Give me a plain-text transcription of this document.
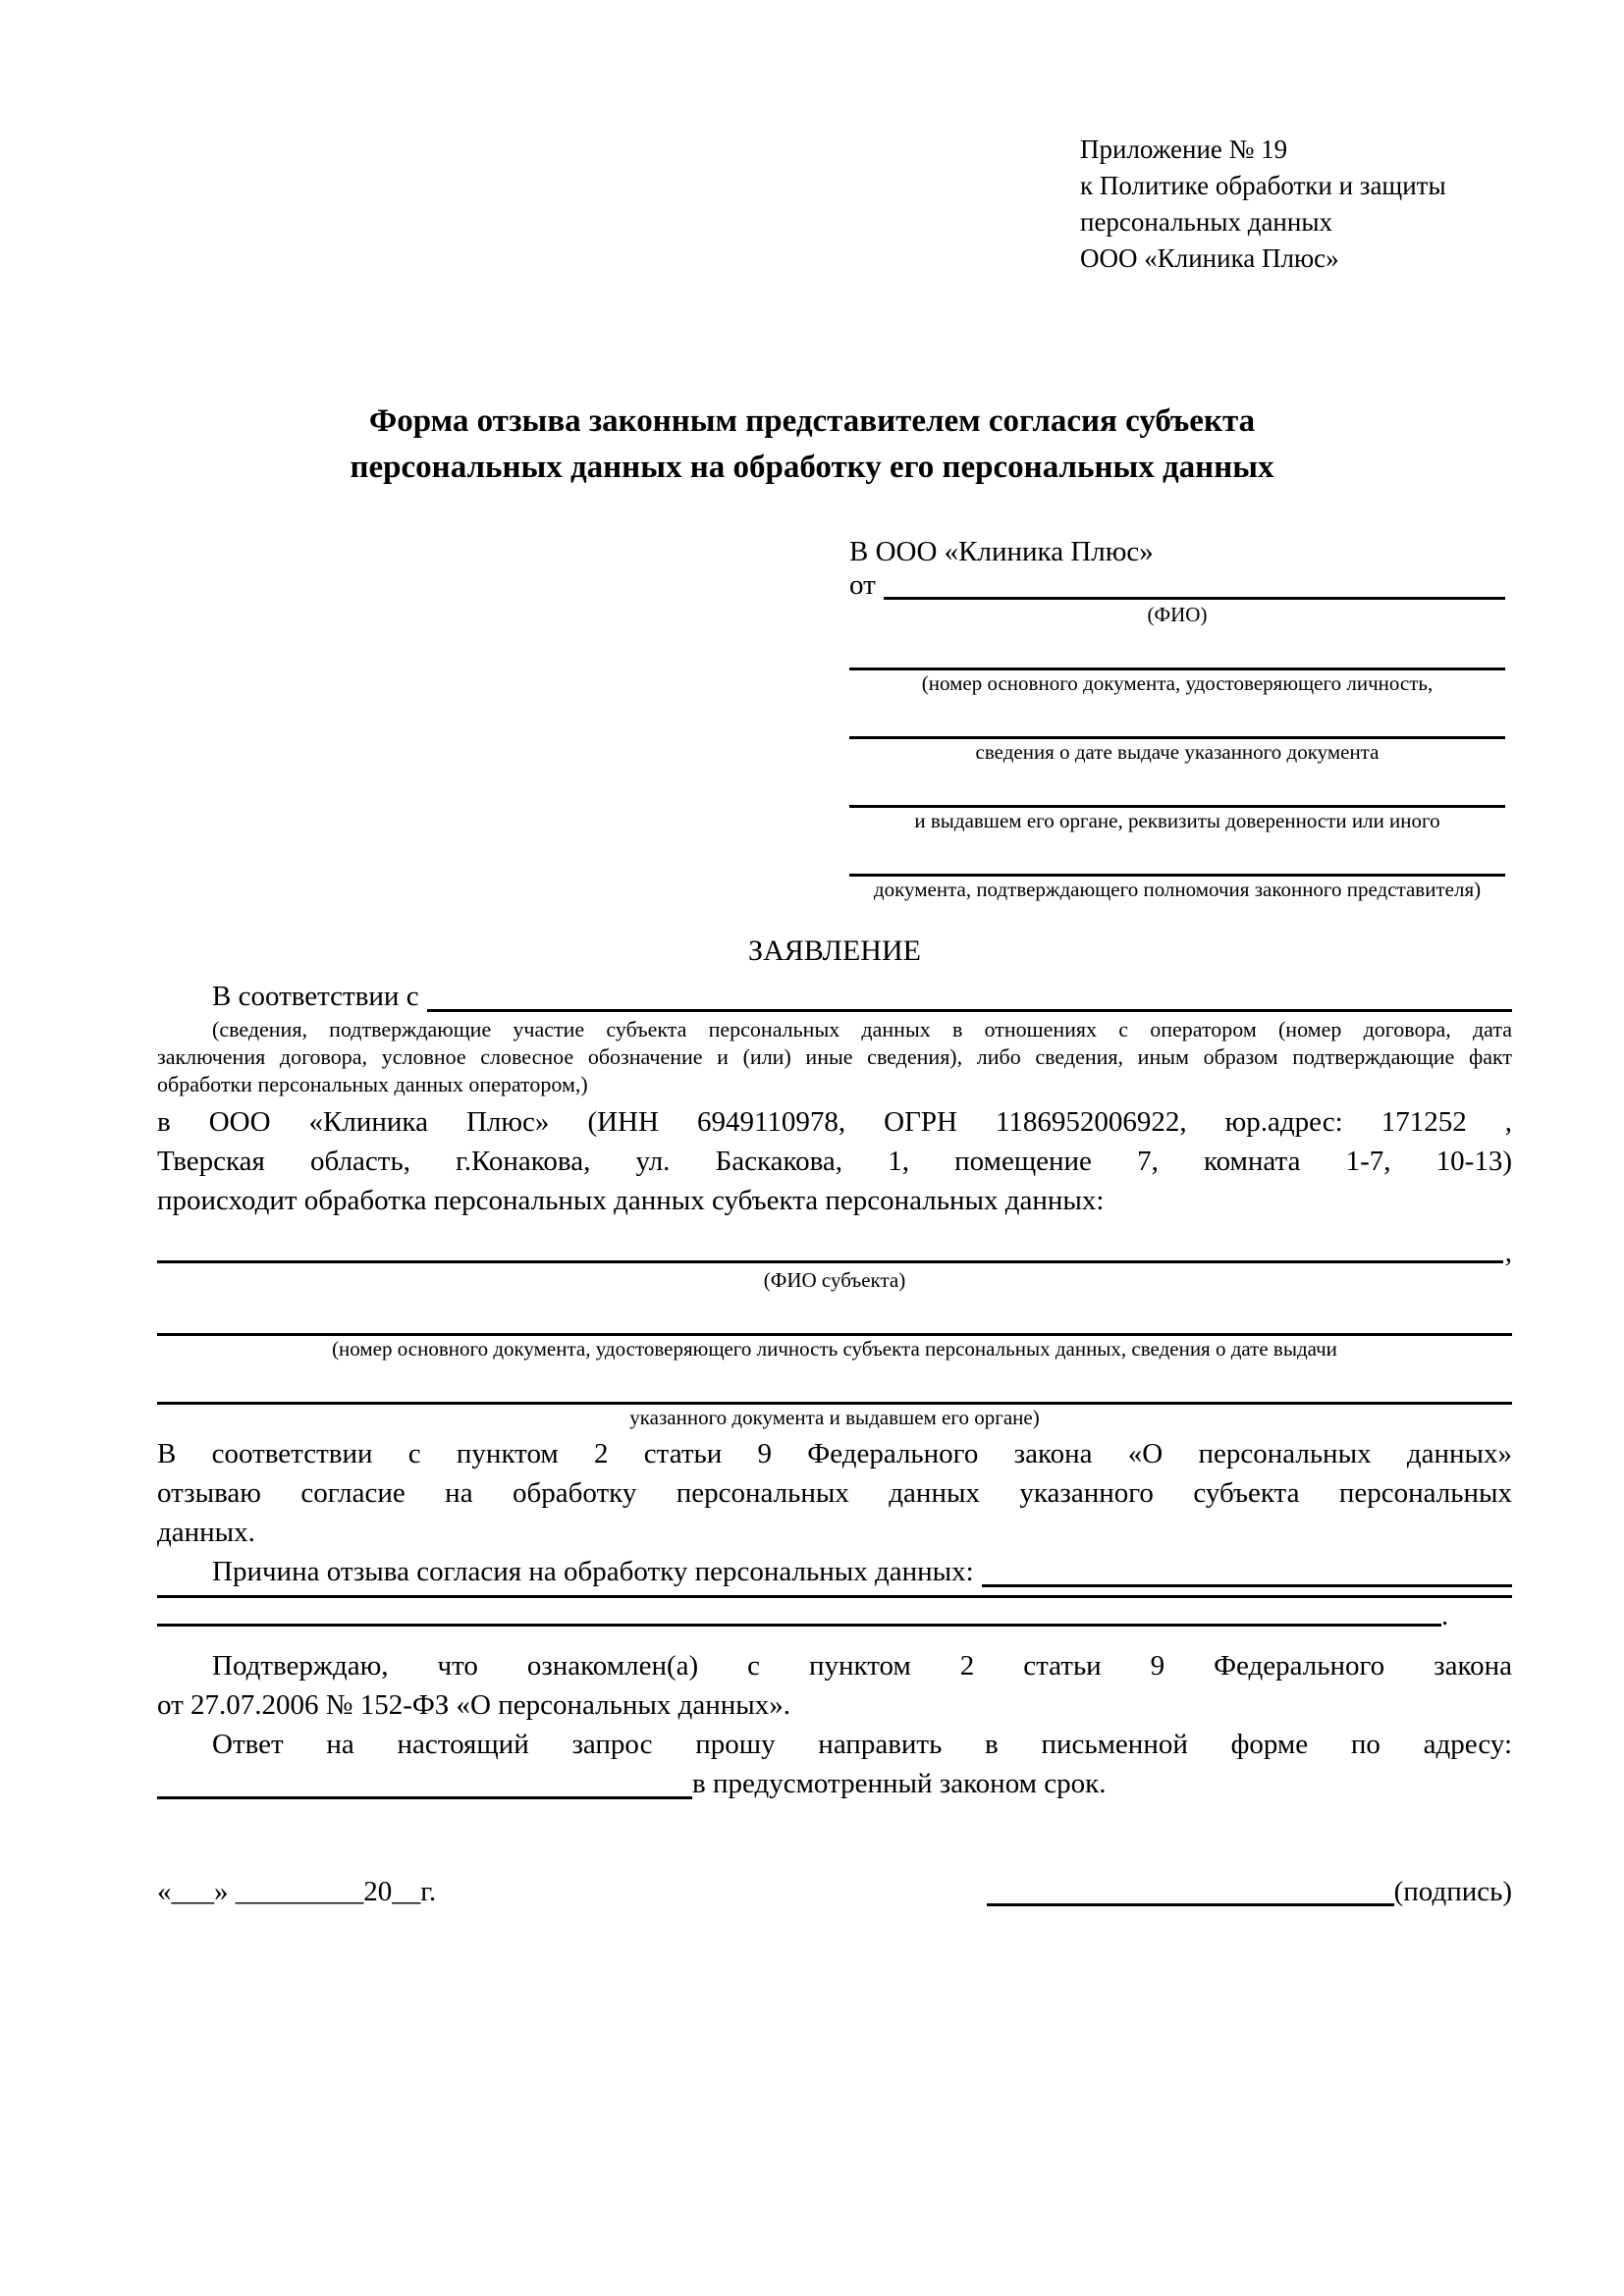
Приложение № 19
к Политике обработки и защиты
персональных данных
ООО «Клиника Плюс»
Форма отзыва законным представителем согласия субъекта
персональных данных на обработку его персональных данных
В ООО «Клиника Плюс»
от
(ФИО)
(номер основного документа, удостоверяющего личность,
сведения о дате выдаче указанного документа
и выдавшем его органе, реквизиты доверенности или иного
документа, подтверждающего полномочия законного представителя)
ЗАЯВЛЕНИЕ
В соответствии с
(сведения, подтверждающие участие субъекта персональных данных в отношениях с оператором (номер договора, дата
заключения договора, условное словесное обозначение и (или) иные сведения), либо сведения, иным образом подтверждающие факт
обработки персональных данных оператором,)
в ООО «Клиника Плюс» (ИНН 6949110978, ОГРН 1186952006922, юр.адрес: 171252 ,
Тверская область, г.Конакова, ул. Баскакова, 1, помещение 7, комната 1-7, 10-13)
происходит обработка персональных данных субъекта персональных данных:
,
(ФИО субъекта)
(номер основного документа, удостоверяющего личность субъекта персональных данных, сведения о дате выдачи
указанного документа и выдавшем его органе)
В соответствии с пунктом 2 статьи 9 Федерального закона «О персональных данных»
отзываю согласие на обработку персональных данных указанного субъекта персональных
данных.
Причина отзыва согласия на обработку персональных данных:
.
Подтверждаю, что ознакомлен(а) с пунктом 2 статьи 9 Федерального закона
от 27.07.2006 № 152-ФЗ «О персональных данных».
Ответ на настоящий запрос прошу направить в письменной форме по адресу:
в предусмотренный законом срок.
«___» _________20__г.	(подпись)
